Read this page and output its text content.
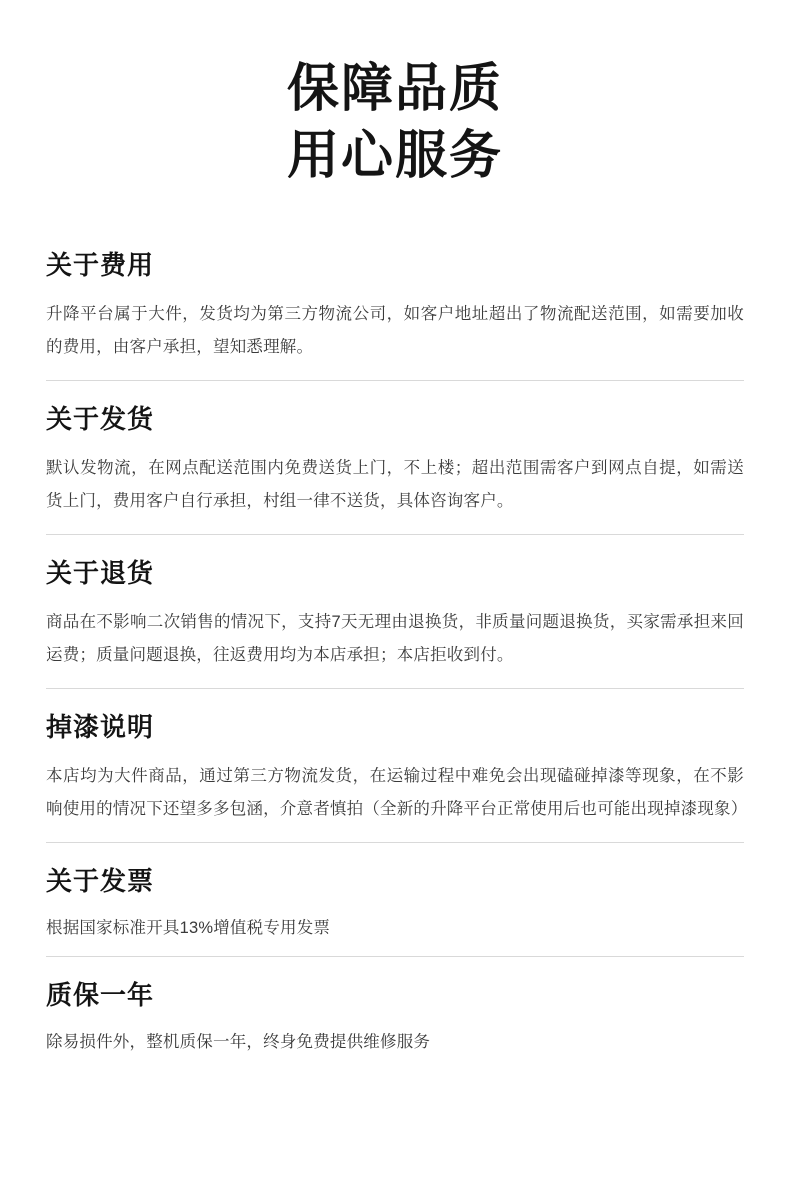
保障品质
用心服务
关于费用

升降平台属于大件，发货均为第三方物流公司，如客户地址超出了物流配送范围，如需要加收的费用，由客户承担，望知悉理解。

关于发货

默认发物流，在网点配送范围内免费送货上门，不上楼；超出范围需客户到网点自提，如需送货上门，费用客户自行承担，村组一律不送货，具体咨询客户。

关于退货

商品在不影响二次销售的情况下，支持7天无理由退换货，非质量问题退换货，买家需承担来回运费；质量问题退换，往返费用均为本店承担；本店拒收到付。

掉漆说明

本店均为大件商品，通过第三方物流发货，在运输过程中难免会出现磕碰掉漆等现象，在不影响使用的情况下还望多多包涵，介意者慎拍（全新的升降平台正常使用后也可能出现掉漆现象）

关于发票

根据国家标准开具13%增值税专用发票

质保一年

除易损件外，整机质保一年，终身免费提供维修服务
